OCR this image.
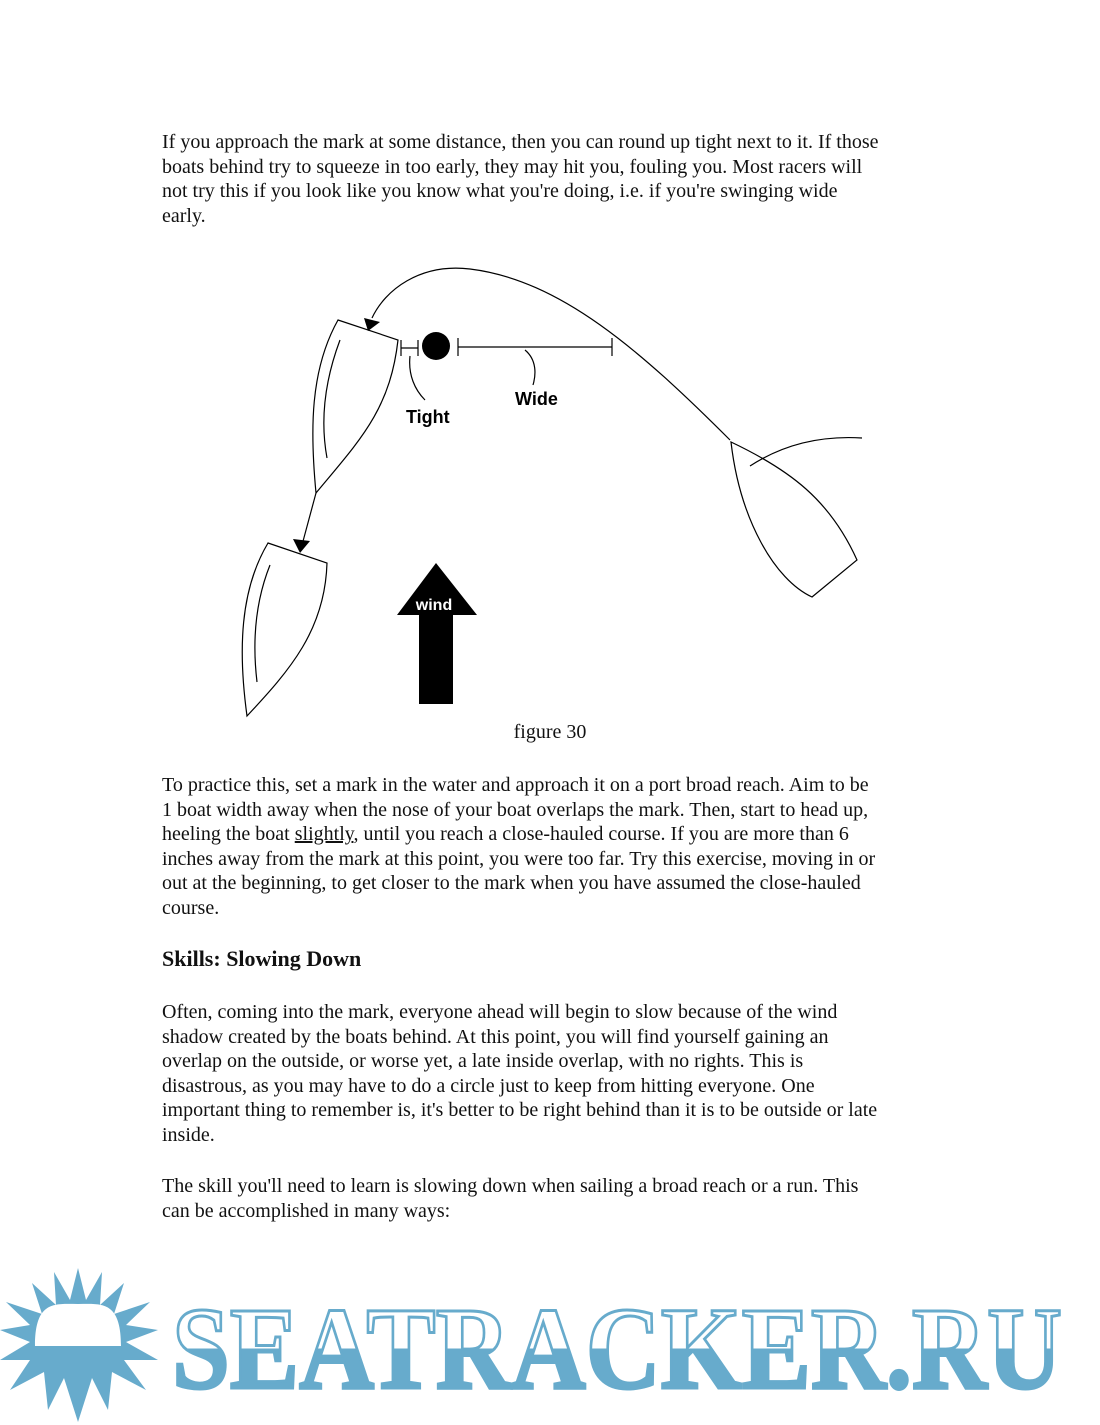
If you approach the mark at some distance, then you can round up tight next to it. If those
boats behind try to squeeze in too early, they may hit you, fouling you. Most racers will
not try this if you look like you know what you're doing, i.e. if you're swinging wide
early.
Tight
Wide
wind
SEATRACKER.RU
figure 30
To practice this, set a mark in the water and approach it on a port broad reach. Aim to be
1 boat width away when the nose of your boat overlaps the mark. Then, start to head up,
heeling the boat slightly, until you reach a close-hauled course. If you are more than 6
inches away from the mark at this point, you were too far. Try this exercise, moving in or
out at the beginning, to get closer to the mark when you have assumed the close-hauled
course.
Skills: Slowing Down
Often, coming into the mark, everyone ahead will begin to slow because of the wind
shadow created by the boats behind. At this point, you will find yourself gaining an
overlap on the outside, or worse yet, a late inside overlap, with no rights. This is
disastrous, as you may have to do a circle just to keep from hitting everyone. One
important thing to remember is, it's better to be right behind than it is to be outside or late
inside.
The skill you'll need to learn is slowing down when sailing a broad reach or a run. This
can be accomplished in many ways:
